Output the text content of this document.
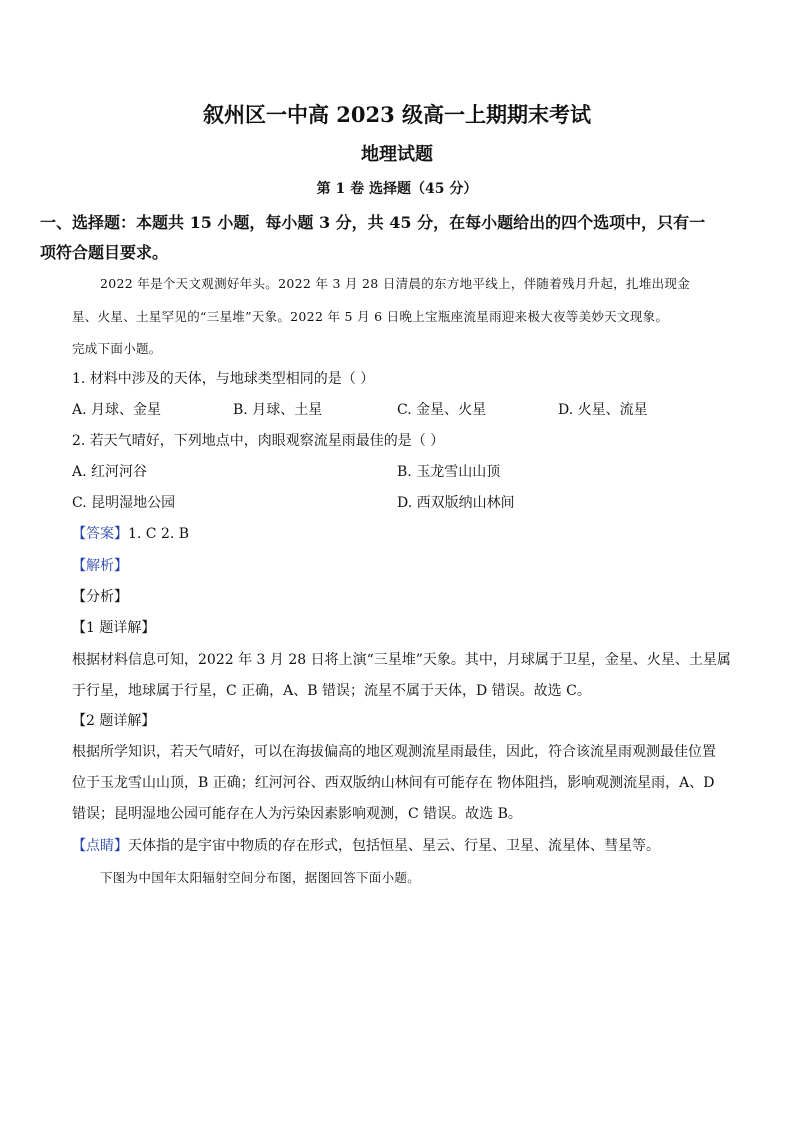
叙州区一中高 2023 级高一上期期末考试
地理试题
第 1 卷 选择题（45 分）
一、选择题：本题共 15 小题，每小题 3 分，共 45 分，在每小题给出的四个选项中，只有一
项符合题目要求。
2022 年是个天文观测好年头。2022 年 3 月 28 日清晨的东方地平线上，伴随着残月升起，扎堆出现金
星、火星、土星罕见的“三星堆”天象。2022 年 5 月 6 日晚上宝瓶座流星雨迎来极大夜等美妙天文现象。
完成下面小题。
1. 材料中涉及的天体，与地球类型相同的是（ ）
A. 月球、金星	B. 月球、土星	C. 金星、火星	D. 火星、流星
2. 若天气晴好，下列地点中，肉眼观察流星雨最佳的是（ ）
A. 红河河谷	B. 玉龙雪山山顶
C. 昆明湿地公园	D. 西双版纳山林间
【答案】1. C 2. B
【解析】
【分析】
【1 题详解】
根据材料信息可知，2022 年 3 月 28 日将上演“三星堆”天象。其中，月球属于卫星，金星、火星、土星属
于行星，地球属于行星，C 正确，A、B 错误；流星不属于天体，D 错误。故选 C。
【2 题详解】
根据所学知识，若天气晴好，可以在海拔偏高的地区观测流星雨最佳，因此，符合该流星雨观测最佳位置
位于玉龙雪山山顶，B 正确；红河河谷、西双版纳山林间有可能存在 物体阻挡，影响观测流星雨，A、D
错误；昆明湿地公园可能存在人为污染因素影响观测，C 错误。故选 B。
【点睛】天体指的是宇宙中物质的存在形式，包括恒星、星云、行星、卫星、流星体、彗星等。
下图为中国年太阳辐射空间分布图，据图回答下面小题。
